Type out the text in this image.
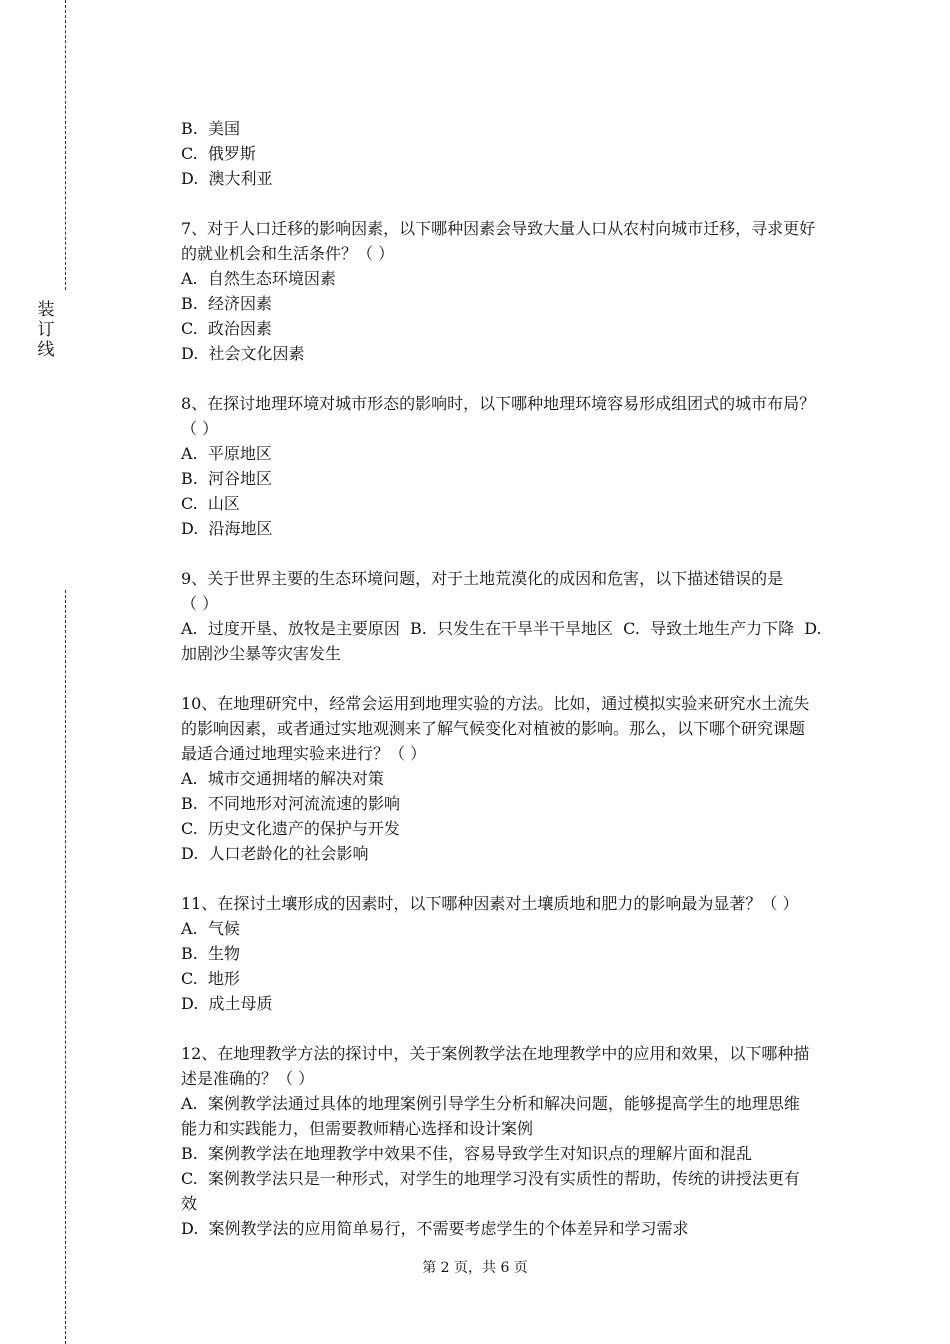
装
订
线
B.  美国
C.  俄罗斯
D.  澳大利亚
7、对于人口迁移的影响因素，以下哪种因素会导致大量人口从农村向城市迁移，寻求更好
的就业机会和生活条件？（ ）
A.  自然生态环境因素
B.  经济因素
C.  政治因素
D.  社会文化因素
8、在探讨地理环境对城市形态的影响时，以下哪种地理环境容易形成组团式的城市布局？
（ ）
A.  平原地区
B.  河谷地区
C.  山区
D.  沿海地区
9、关于世界主要的生态环境问题，对于土地荒漠化的成因和危害，以下描述错误的是
（ ）
A.  过度开垦、放牧是主要原因  B.  只发生在干旱半干旱地区  C.  导致土地生产力下降  D.
加剧沙尘暴等灾害发生
10、在地理研究中，经常会运用到地理实验的方法。比如，通过模拟实验来研究水土流失
的影响因素，或者通过实地观测来了解气候变化对植被的影响。那么，以下哪个研究课题
最适合通过地理实验来进行？（ ）
A.  城市交通拥堵的解决对策
B.  不同地形对河流流速的影响
C.  历史文化遗产的保护与开发
D.  人口老龄化的社会影响
11、在探讨土壤形成的因素时，以下哪种因素对土壤质地和肥力的影响最为显著？（ ）
A.  气候
B.  生物
C.  地形
D.  成土母质
12、在地理教学方法的探讨中，关于案例教学法在地理教学中的应用和效果，以下哪种描
述是准确的？（ ）
A.  案例教学法通过具体的地理案例引导学生分析和解决问题，能够提高学生的地理思维
能力和实践能力，但需要教师精心选择和设计案例
B.  案例教学法在地理教学中效果不佳，容易导致学生对知识点的理解片面和混乱
C.  案例教学法只是一种形式，对学生的地理学习没有实质性的帮助，传统的讲授法更有
效
D.  案例教学法的应用简单易行，不需要考虑学生的个体差异和学习需求
第 2 页，共 6 页
